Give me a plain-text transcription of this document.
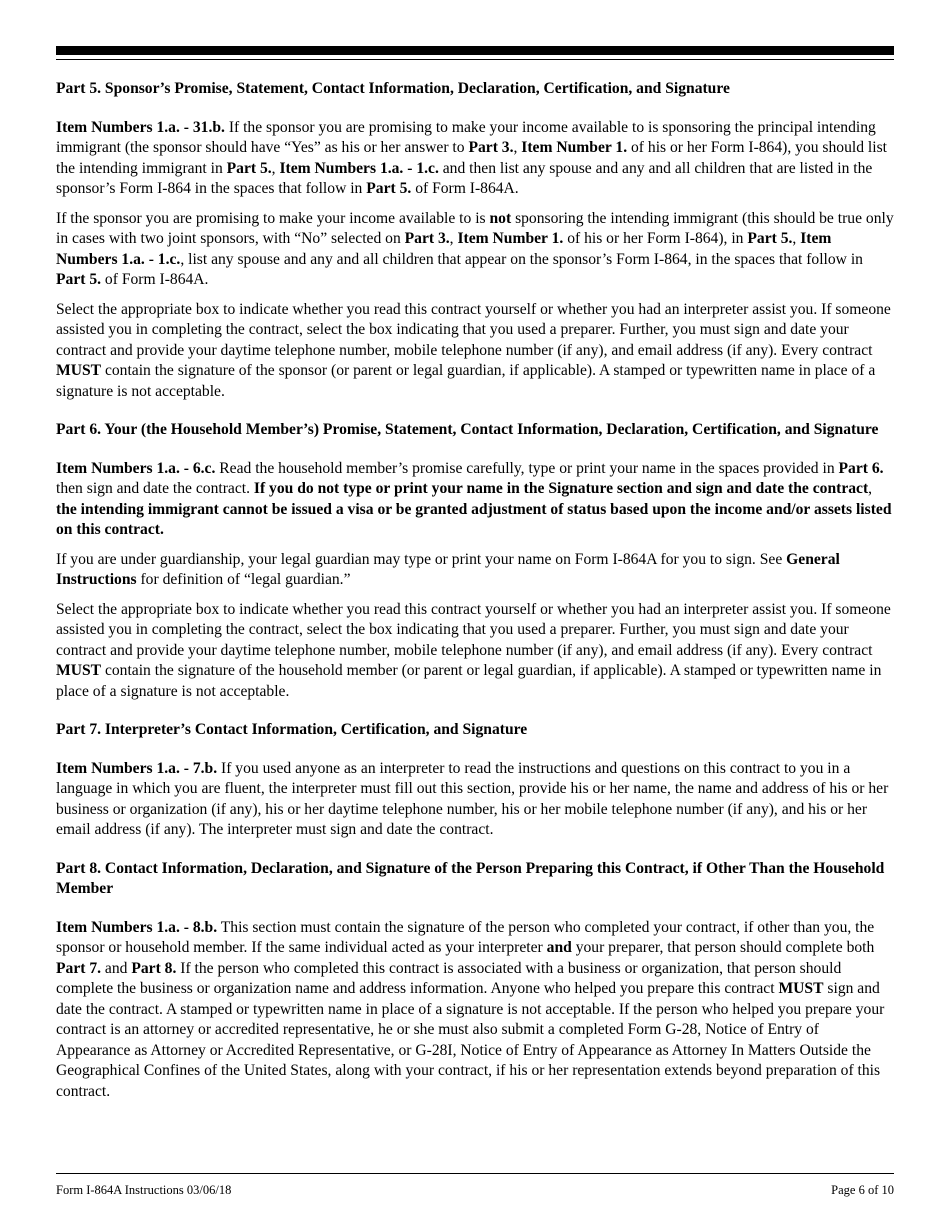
Part 5. Sponsor’s Promise, Statement, Contact Information, Declaration, Certification, and Signature

Item Numbers 1.a. - 31.b. If the sponsor you are promising to make your income available to is sponsoring the principal intending immigrant (the sponsor should have “Yes” as his or her answer to Part 3., Item Number 1. of his or her Form I-864), you should list the intending immigrant in Part 5., Item Numbers 1.a. - 1.c. and then list any spouse and any and all children that are listed in the sponsor’s Form I-864 in the spaces that follow in Part 5. of Form I-864A.

If the sponsor you are promising to make your income available to is not sponsoring the intending immigrant (this should be true only in cases with two joint sponsors, with “No” selected on Part 3., Item Number 1. of his or her Form I-864), in Part 5., Item Numbers 1.a. - 1.c., list any spouse and any and all children that appear on the sponsor’s Form I-864, in the spaces that follow in Part 5. of Form I-864A.

Select the appropriate box to indicate whether you read this contract yourself or whether you had an interpreter assist you. If someone assisted you in completing the contract, select the box indicating that you used a preparer. Further, you must sign and date your contract and provide your daytime telephone number, mobile telephone number (if any), and email address (if any). Every contract MUST contain the signature of the sponsor (or parent or legal guardian, if applicable). A stamped or typewritten name in place of a signature is not acceptable.

Part 6. Your (the Household Member’s) Promise, Statement, Contact Information, Declaration, Certification, and Signature

Item Numbers 1.a. - 6.c. Read the household member’s promise carefully, type or print your name in the spaces provided in Part 6. then sign and date the contract. If you do not type or print your name in the Signature section and sign and date the contract, the intending immigrant cannot be issued a visa or be granted adjustment of status based upon the income and/or assets listed on this contract.

If you are under guardianship, your legal guardian may type or print your name on Form I-864A for you to sign. See General Instructions for definition of “legal guardian.”

Select the appropriate box to indicate whether you read this contract yourself or whether you had an interpreter assist you. If someone assisted you in completing the contract, select the box indicating that you used a preparer. Further, you must sign and date your contract and provide your daytime telephone number, mobile telephone number (if any), and email address (if any). Every contract MUST contain the signature of the household member (or parent or legal guardian, if applicable). A stamped or typewritten name in place of a signature is not acceptable.

Part 7. Interpreter’s Contact Information, Certification, and Signature

Item Numbers 1.a. - 7.b. If you used anyone as an interpreter to read the instructions and questions on this contract to you in a language in which you are fluent, the interpreter must fill out this section, provide his or her name, the name and address of his or her business or organization (if any), his or her daytime telephone number, his or her mobile telephone number (if any), and his or her email address (if any). The interpreter must sign and date the contract.

Part 8. Contact Information, Declaration, and Signature of the Person Preparing this Contract, if Other Than the Household Member

Item Numbers 1.a. - 8.b. This section must contain the signature of the person who completed your contract, if other than you, the sponsor or household member. If the same individual acted as your interpreter and your preparer, that person should complete both Part 7. and Part 8. If the person who completed this contract is associated with a business or organization, that person should complete the business or organization name and address information. Anyone who helped you prepare this contract MUST sign and date the contract. A stamped or typewritten name in place of a signature is not acceptable. If the person who helped you prepare your contract is an attorney or accredited representative, he or she must also submit a completed Form G-28, Notice of Entry of Appearance as Attorney or Accredited Representative, or G-28I, Notice of Entry of Appearance as Attorney In Matters Outside the Geographical Confines of the United States, along with your contract, if his or her representation extends beyond preparation of this contract.

Form I-864A Instructions 03/06/18	Page 6 of 10
